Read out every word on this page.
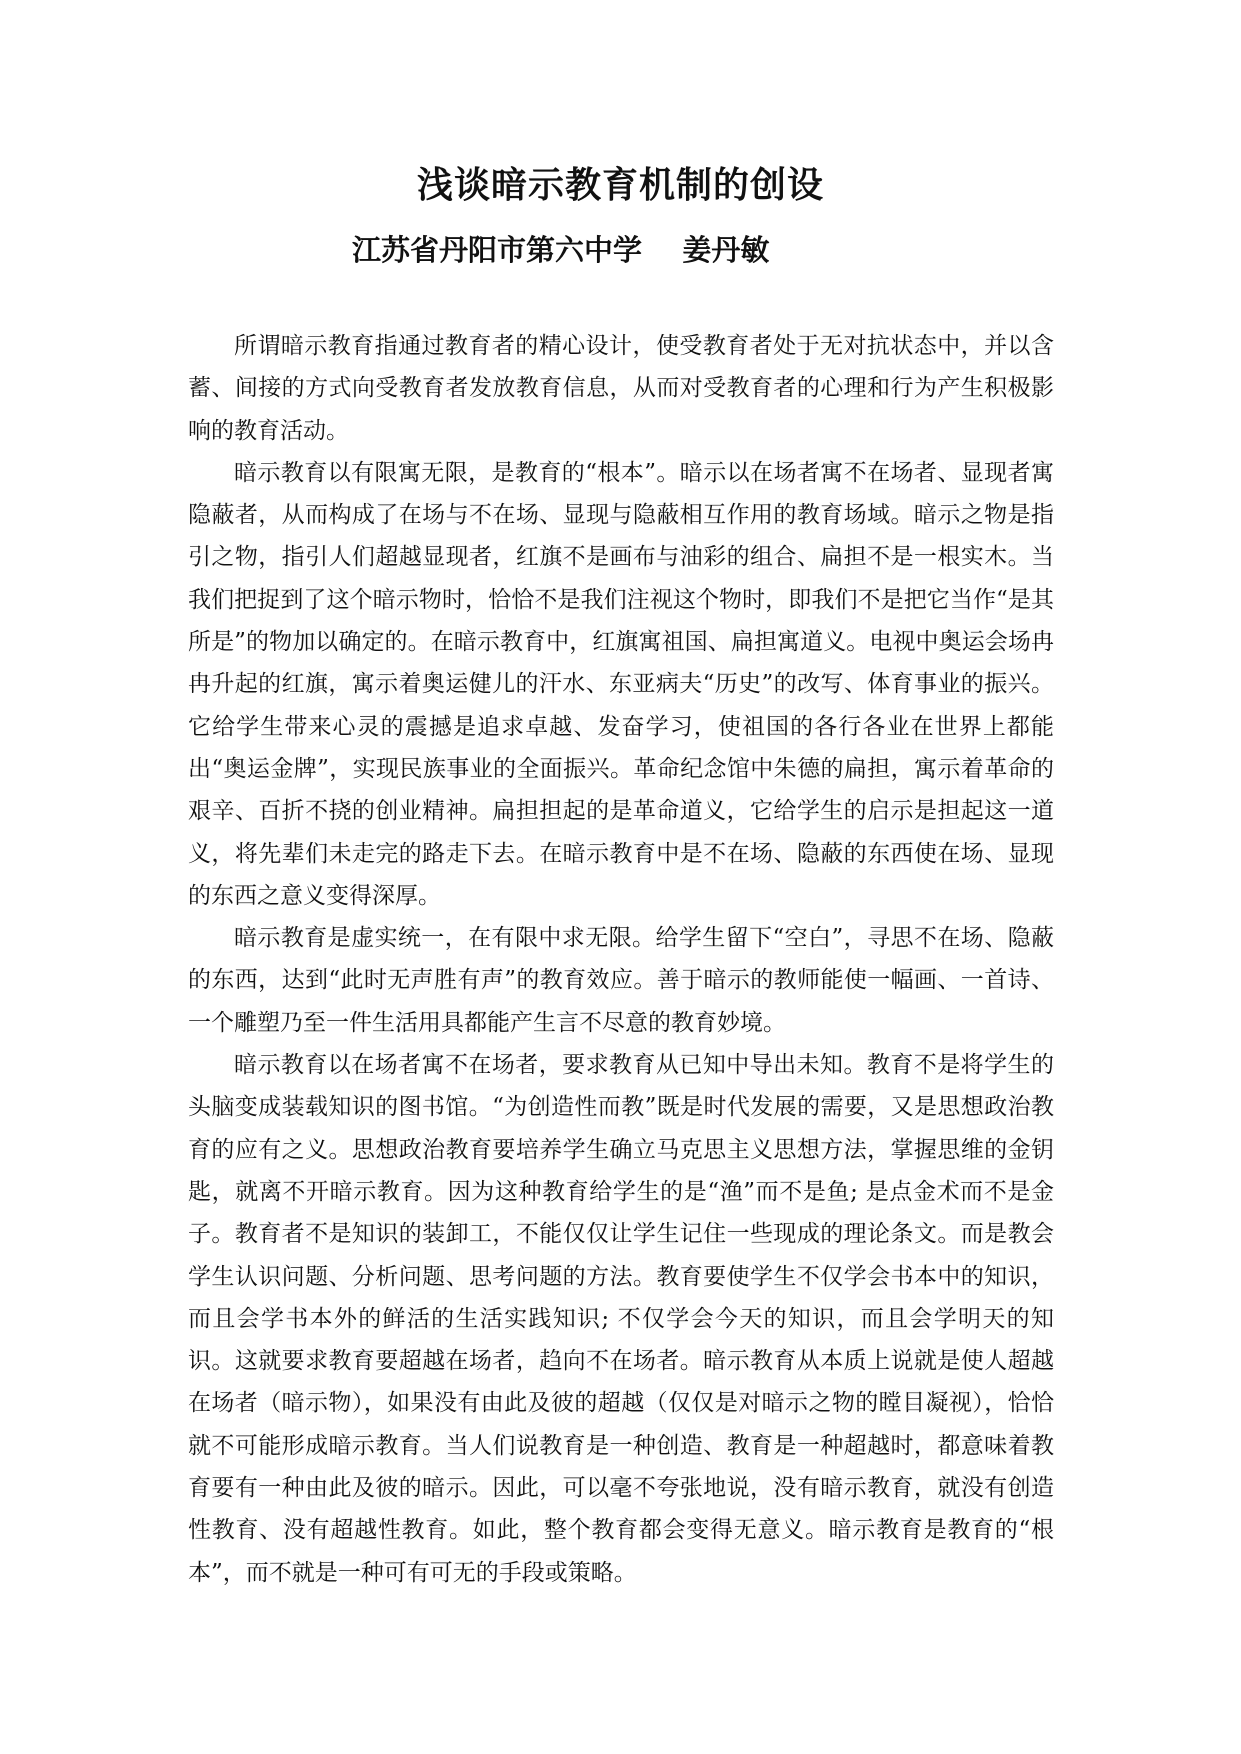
浅谈暗示教育机制的创设
江苏省丹阳市第六中学    姜丹敏

所谓暗示教育指通过教育者的精心设计，使受教育者处于无对抗状态中，并以含蓄、间接的方式向受教育者发放教育信息，从而对受教育者的心理和行为产生积极影响的教育活动。

暗示教育以有限寓无限，是教育的“根本”。暗示以在场者寓不在场者、显现者寓隐蔽者，从而构成了在场与不在场、显现与隐蔽相互作用的教育场域。暗示之物是指引之物，指引人们超越显现者，红旗不是画布与油彩的组合、扁担不是一根实木。当我们把捉到了这个暗示物时，恰恰不是我们注视这个物时，即我们不是把它当作“是其所是”的物加以确定的。在暗示教育中，红旗寓祖国、扁担寓道义。电视中奥运会场冉冉升起的红旗，寓示着奥运健儿的汗水、东亚病夫“历史”的改写、体育事业的振兴。它给学生带来心灵的震撼是追求卓越、发奋学习，使祖国的各行各业在世界上都能出“奥运金牌”，实现民族事业的全面振兴。革命纪念馆中朱德的扁担，寓示着革命的艰辛、百折不挠的创业精神。扁担担起的是革命道义，它给学生的启示是担起这一道义，将先辈们未走完的路走下去。在暗示教育中是不在场、隐蔽的东西使在场、显现的东西之意义变得深厚。

暗示教育是虚实统一，在有限中求无限。给学生留下“空白”，寻思不在场、隐蔽的东西，达到“此时无声胜有声”的教育效应。善于暗示的教师能使一幅画、一首诗、一个雕塑乃至一件生活用具都能产生言不尽意的教育妙境。

暗示教育以在场者寓不在场者，要求教育从已知中导出未知。教育不是将学生的头脑变成装载知识的图书馆。“为创造性而教”既是时代发展的需要，又是思想政治教育的应有之义。思想政治教育要培养学生确立马克思主义思想方法，掌握思维的金钥匙，就离不开暗示教育。因为这种教育给学生的是“渔”而不是鱼; 是点金术而不是金子。教育者不是知识的装卸工，不能仅仅让学生记住一些现成的理论条文。而是教会学生认识问题、分析问题、思考问题的方法。教育要使学生不仅学会书本中的知识，而且会学书本外的鲜活的生活实践知识; 不仅学会今天的知识，而且会学明天的知识。这就要求教育要超越在场者，趋向不在场者。暗示教育从本质上说就是使人超越在场者（暗示物），如果没有由此及彼的超越（仅仅是对暗示之物的瞠目凝视），恰恰就不可能形成暗示教育。当人们说教育是一种创造、教育是一种超越时，都意味着教育要有一种由此及彼的暗示。因此，可以毫不夸张地说，没有暗示教育，就没有创造性教育、没有超越性教育。如此，整个教育都会变得无意义。暗示教育是教育的“根本”，而不就是一种可有可无的手段或策略。
